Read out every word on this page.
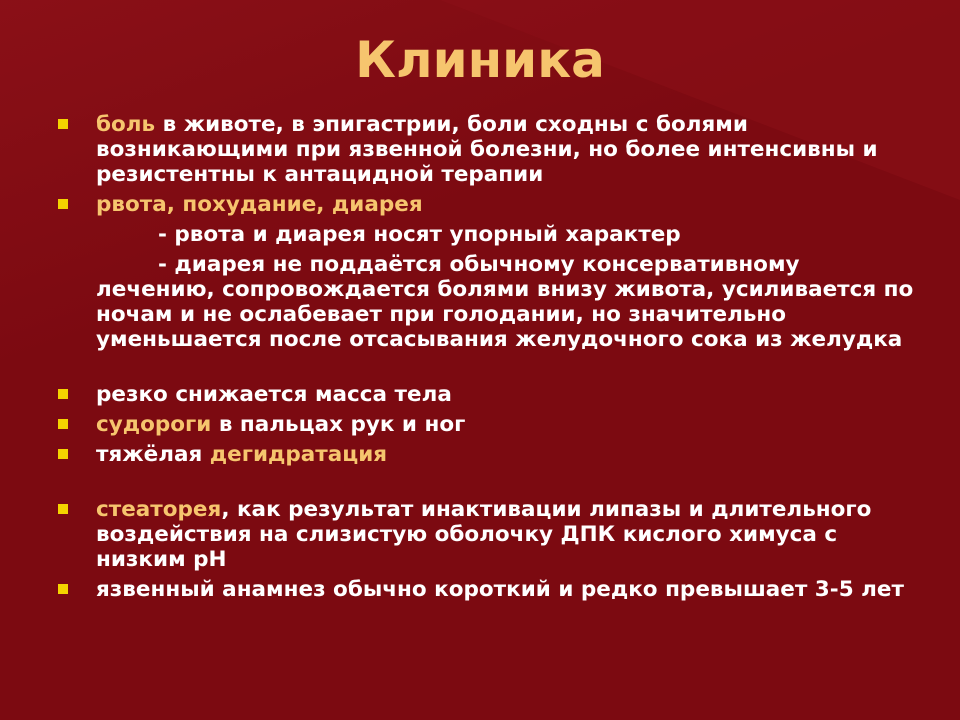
Клиника

боль в животе, в эпигастрии, боли сходны с болями возникающими при язвенной болезни, но более интенсивны и резистентны к антацидной терапии

рвота, похудание, диарея

- рвота и диарея носят упорный характер

- диарея не поддаётся обычному консервативному лечению, сопровождается болями внизу живота, усиливается по ночам и не ослабевает при голодании, но значительно уменьшается после отсасывания желудочного сока из желудка

резко снижается масса тела

судороги в пальцах рук и ног

тяжёлая дегидратация

стеаторея, как результат инактивации липазы и длительного воздействия на слизистую оболочку ДПК кислого химуса с низким рН

язвенный анамнез обычно короткий и редко превышает 3-5 лет
